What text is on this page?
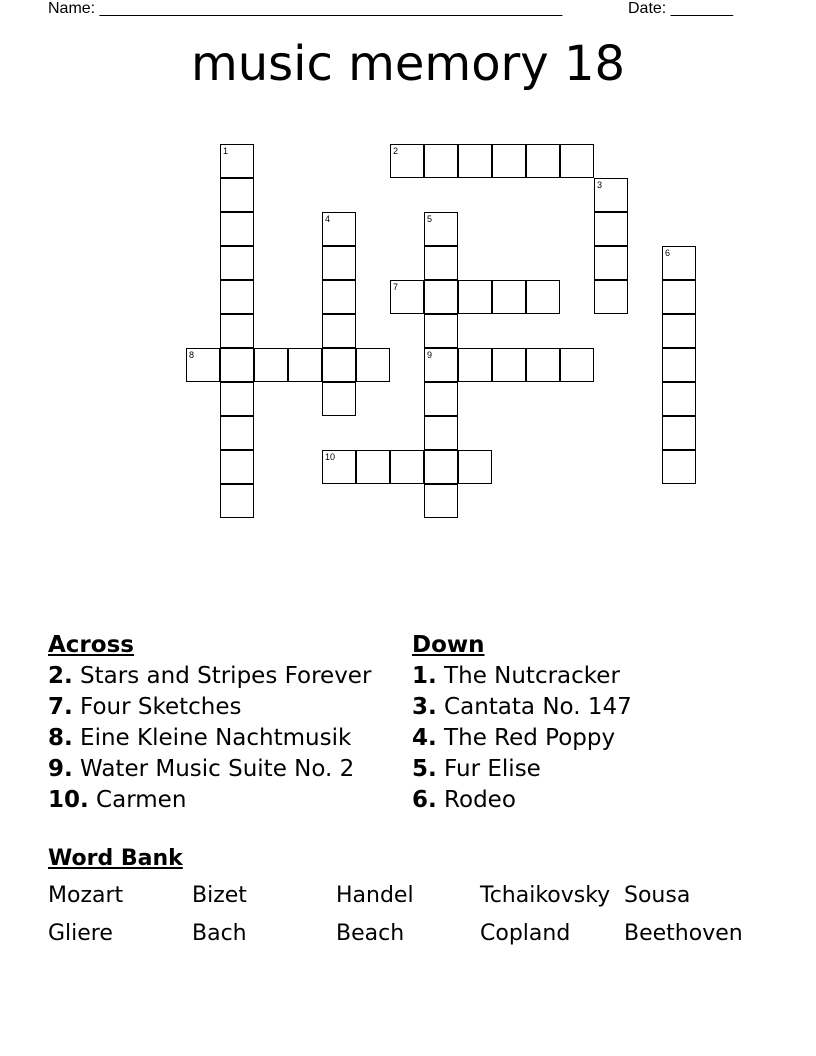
Name: ____________________________________________________	Date: _______
music memory 18
1	2
3
4	5
6
7
8	9
10
Across
2. Stars and Stripes Forever
7. Four Sketches
8. Eine Kleine Nachtmusik
9. Water Music Suite No. 2
10. Carmen
Down
1. The Nutcracker
3. Cantata No. 147
4. The Red Poppy
5. Fur Elise
6. Rodeo
Word Bank
Mozart	Bizet	Handel	Tchaikovsky Sousa
Gliere	Bach	Beach	Copland Beethoven
